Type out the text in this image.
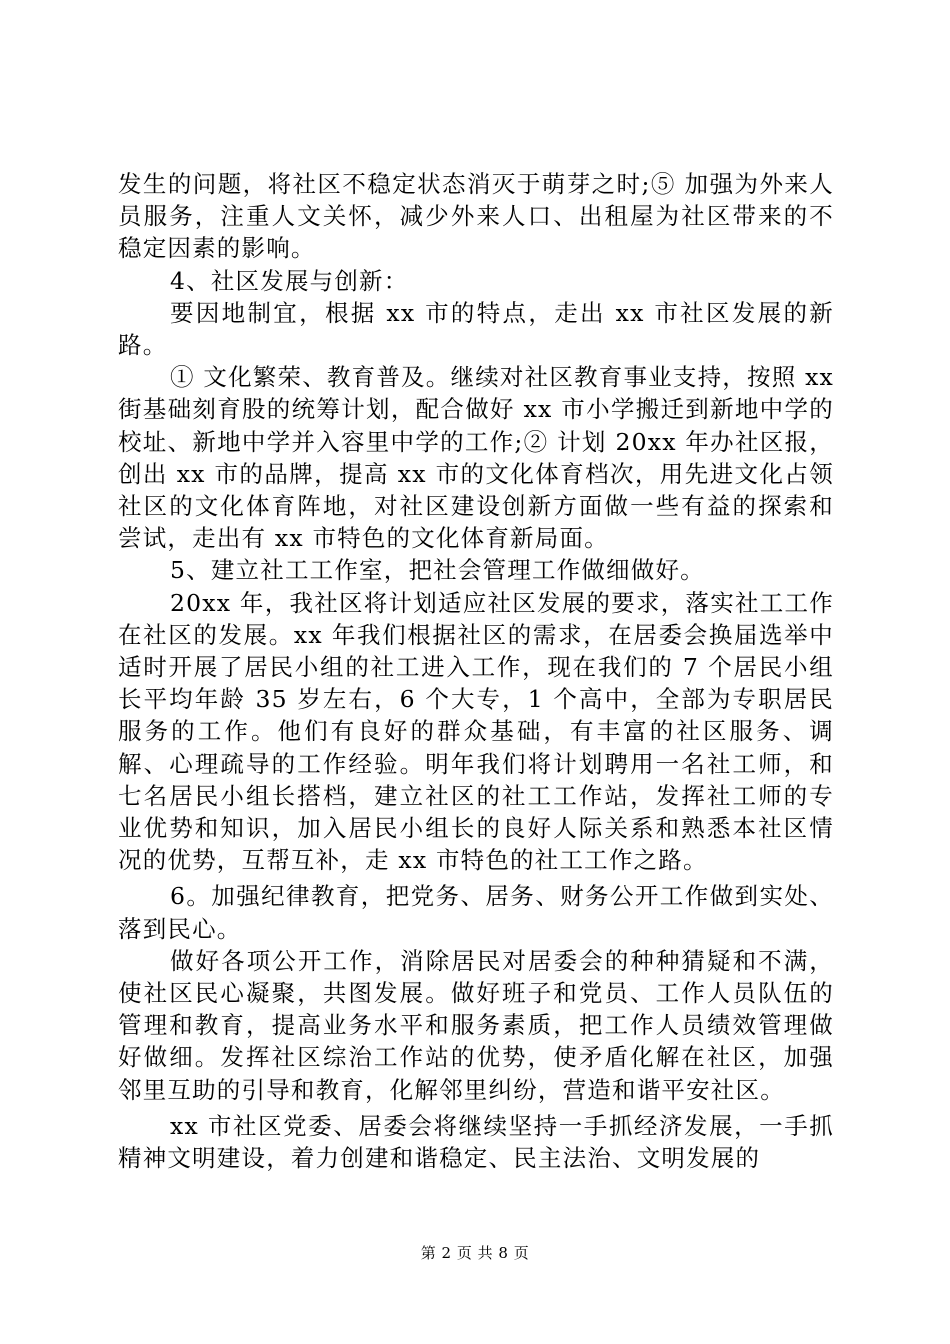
发生的问题，将社区不稳定状态消灭于萌芽之时;⑤ 加强为外来人员服务，注重人文关怀，减少外来人口、出租屋为社区带来的不稳定因素的影响。

4、社区发展与创新：

要因地制宜，根据 xx 市的特点，走出 xx 市社区发展的新路。

① 文化繁荣、教育普及。继续对社区教育事业支持，按照 xx 街基础刻育股的统筹计划，配合做好 xx 市小学搬迁到新地中学的校址、新地中学并入容里中学的工作;② 计划 20xx 年办社区报，创出 xx 市的品牌，提高 xx 市的文化体育档次，用先进文化占领社区的文化体育阵地，对社区建设创新方面做一些有益的探索和尝试，走出有 xx 市特色的文化体育新局面。

5、建立社工工作室，把社会管理工作做细做好。

20xx 年，我社区将计划适应社区发展的要求，落实社工工作在社区的发展。xx 年我们根据社区的需求，在居委会换届选举中适时开展了居民小组的社工进入工作，现在我们的 7 个居民小组长平均年龄 35 岁左右，6 个大专，1 个高中，全部为专职居民服务的工作。他们有良好的群众基础，有丰富的社区服务、调解、心理疏导的工作经验。明年我们将计划聘用一名社工师，和七名居民小组长搭档，建立社区的社工工作站，发挥社工师的专业优势和知识，加入居民小组长的良好人际关系和熟悉本社区情况的优势，互帮互补，走 xx 市特色的社工工作之路。

6。加强纪律教育，把党务、居务、财务公开工作做到实处、落到民心。

做好各项公开工作，消除居民对居委会的种种猜疑和不满，使社区民心凝聚，共图发展。做好班子和党员、工作人员队伍的管理和教育，提高业务水平和服务素质，把工作人员绩效管理做好做细。发挥社区综治工作站的优势，使矛盾化解在社区，加强邻里互助的引导和教育，化解邻里纠纷，营造和谐平安社区。

xx 市社区党委、居委会将继续坚持一手抓经济发展，一手抓精神文明建设，着力创建和谐稳定、民主法治、文明发展的

第 2 页 共 8 页
